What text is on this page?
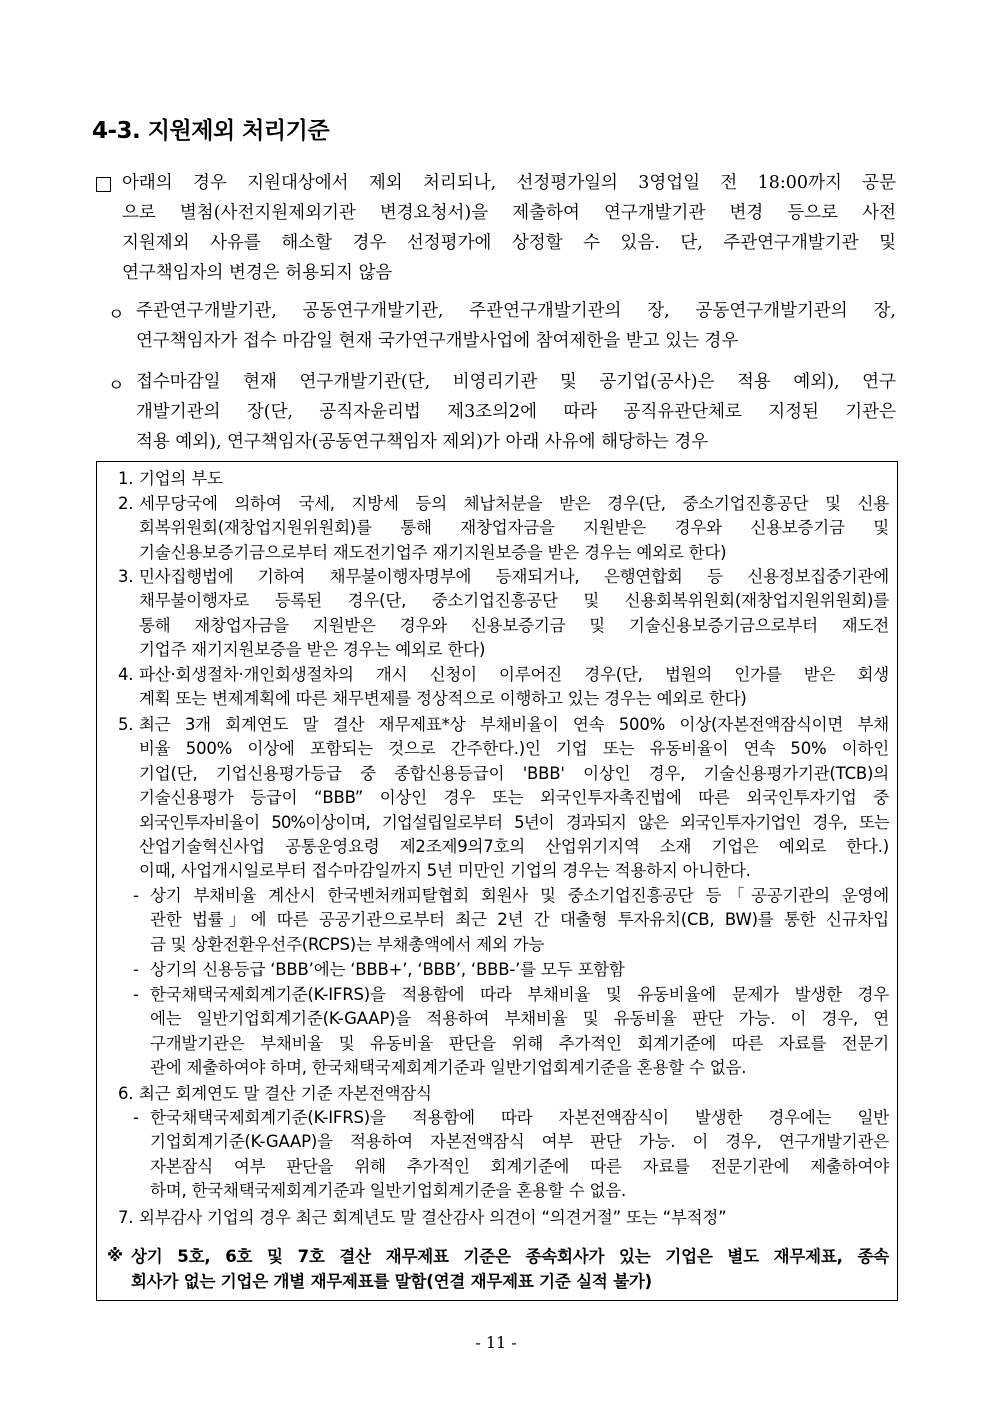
4-3. 지원제외 처리기준
아래의 경우 지원대상에서 제외 처리되나, 선정평가일의 3영업일 전 18:00까지 공문
으로 별첨(사전지원제외기관 변경요청서)을 제출하여 연구개발기관 변경 등으로 사전
지원제외 사유를 해소할 경우 선정평가에 상정할 수 있음. 단, 주관연구개발기관 및
연구책임자의 변경은 허용되지 않음
ㅇ 주관연구개발기관, 공동연구개발기관, 주관연구개발기관의 장, 공동연구개발기관의 장,
연구책임자가 접수 마감일 현재 국가연구개발사업에 참여제한을 받고 있는 경우
ㅇ 접수마감일 현재 연구개발기관(단, 비영리기관 및 공기업(공사)은 적용 예외), 연구
개발기관의 장(단, 공직자윤리법 제3조의2에 따라 공직유관단체로 지정된 기관은
적용 예외), 연구책임자(공동연구책임자 제외)가 아래 사유에 해당하는 경우
1. 기업의 부도
2. 세무당국에 의하여 국세, 지방세 등의 체납처분을 받은 경우(단, 중소기업진흥공단 및 신용
회복위원회(재창업지원위원회)를 통해 재창업자금을 지원받은 경우와 신용보증기금 및
기술신용보증기금으로부터 재도전기업주 재기지원보증을 받은 경우는 예외로 한다)
3. 민사집행법에 기하여 채무불이행자명부에 등재되거나, 은행연합회 등 신용정보집중기관에
채무불이행자로 등록된 경우(단, 중소기업진흥공단 및 신용회복위원회(재창업지원위원회)를
통해 재창업자금을 지원받은 경우와 신용보증기금 및 기술신용보증기금으로부터 재도전
기업주 재기지원보증을 받은 경우는 예외로 한다)
4. 파산·회생절차·개인회생절차의 개시 신청이 이루어진 경우(단, 법원의 인가를 받은 회생
계획 또는 변제계획에 따른 채무변제를 정상적으로 이행하고 있는 경우는 예외로 한다)
5. 최근 3개 회계연도 말 결산 재무제표*상 부채비율이 연속 500% 이상(자본전액잠식이면 부채
비율 500% 이상에 포함되는 것으로 간주한다.)인 기업 또는 유동비율이 연속 50% 이하인
기업(단, 기업신용평가등급 중 종합신용등급이 'BBB' 이상인 경우, 기술신용평가기관(TCB)의
기술신용평가 등급이 “BBB” 이상인 경우 또는 외국인투자촉진법에 따른 외국인투자기업 중
외국인투자비율이 50%이상이며, 기업설립일로부터 5년이 경과되지 않은 외국인투자기업인 경우, 또는
산업기술혁신사업 공통운영요령 제2조제9의7호의 산업위기지역 소재 기업은 예외로 한다.)
이때, 사업개시일로부터 접수마감일까지 5년 미만인 기업의 경우는 적용하지 아니한다.
- 상기 부채비율 계산시 한국벤처캐피탈협회 회원사 및 중소기업진흥공단 등「공공기관의 운영에
관한 법률」에 따른 공공기관으로부터 최근 2년 간 대출형 투자유치(CB, BW)를 통한 신규차입
금 및 상환전환우선주(RCPS)는 부채총액에서 제외 가능
- 상기의 신용등급 ‘BBB’에는 ‘BBB+’, ‘BBB’, ‘BBB-’를 모두 포함함
- 한국채택국제회계기준(K-IFRS)을 적용함에 따라 부채비율 및 유동비율에 문제가 발생한 경우
에는 일반기업회계기준(K-GAAP)을 적용하여 부채비율 및 유동비율 판단 가능. 이 경우, 연
구개발기관은 부채비율 및 유동비율 판단을 위해 추가적인 회계기준에 따른 자료를 전문기
관에 제출하여야 하며, 한국채택국제회계기준과 일반기업회계기준을 혼용할 수 없음.
6. 최근 회계연도 말 결산 기준 자본전액잠식
- 한국채택국제회계기준(K-IFRS)을 적용함에 따라 자본전액잠식이 발생한 경우에는 일반
기업회계기준(K-GAAP)을 적용하여 자본전액잠식 여부 판단 가능. 이 경우, 연구개발기관은
자본잠식 여부 판단을 위해 추가적인 회계기준에 따른 자료를 전문기관에 제출하여야
하며, 한국채택국제회계기준과 일반기업회계기준을 혼용할 수 없음.
7. 외부감사 기업의 경우 최근 회계년도 말 결산감사 의견이 “의견거절” 또는 “부적정”
※ 상기 5호, 6호 및 7호 결산 재무제표 기준은 종속회사가 있는 기업은 별도 재무제표, 종속
회사가 없는 기업은 개별 재무제표를 말함(연결 재무제표 기준 실적 불가)
- 11 -
